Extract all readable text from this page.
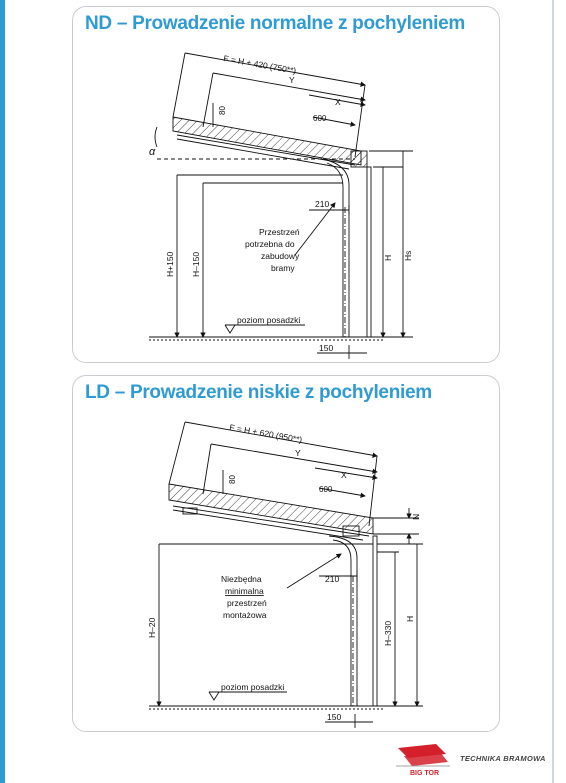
ND – Prowadzenie normalne z pochyleniem
F = H + 420 (750**)
Y
X
80
600
α
210
Przestrzeń
potrzebna do
zabudowy
bramy
H+150 H–150	H Hs
poziom posadzki
150
LD – Prowadzenie niskie z pochyleniem
F = H + 620 (950**)
Y
X
80
600
N
210
Niezbędna
minimalna
przestrzeń
montażowa
H–20	H–330
H
poziom posadzki
150
BIG TOR
TECHNIKA BRAMOWA
